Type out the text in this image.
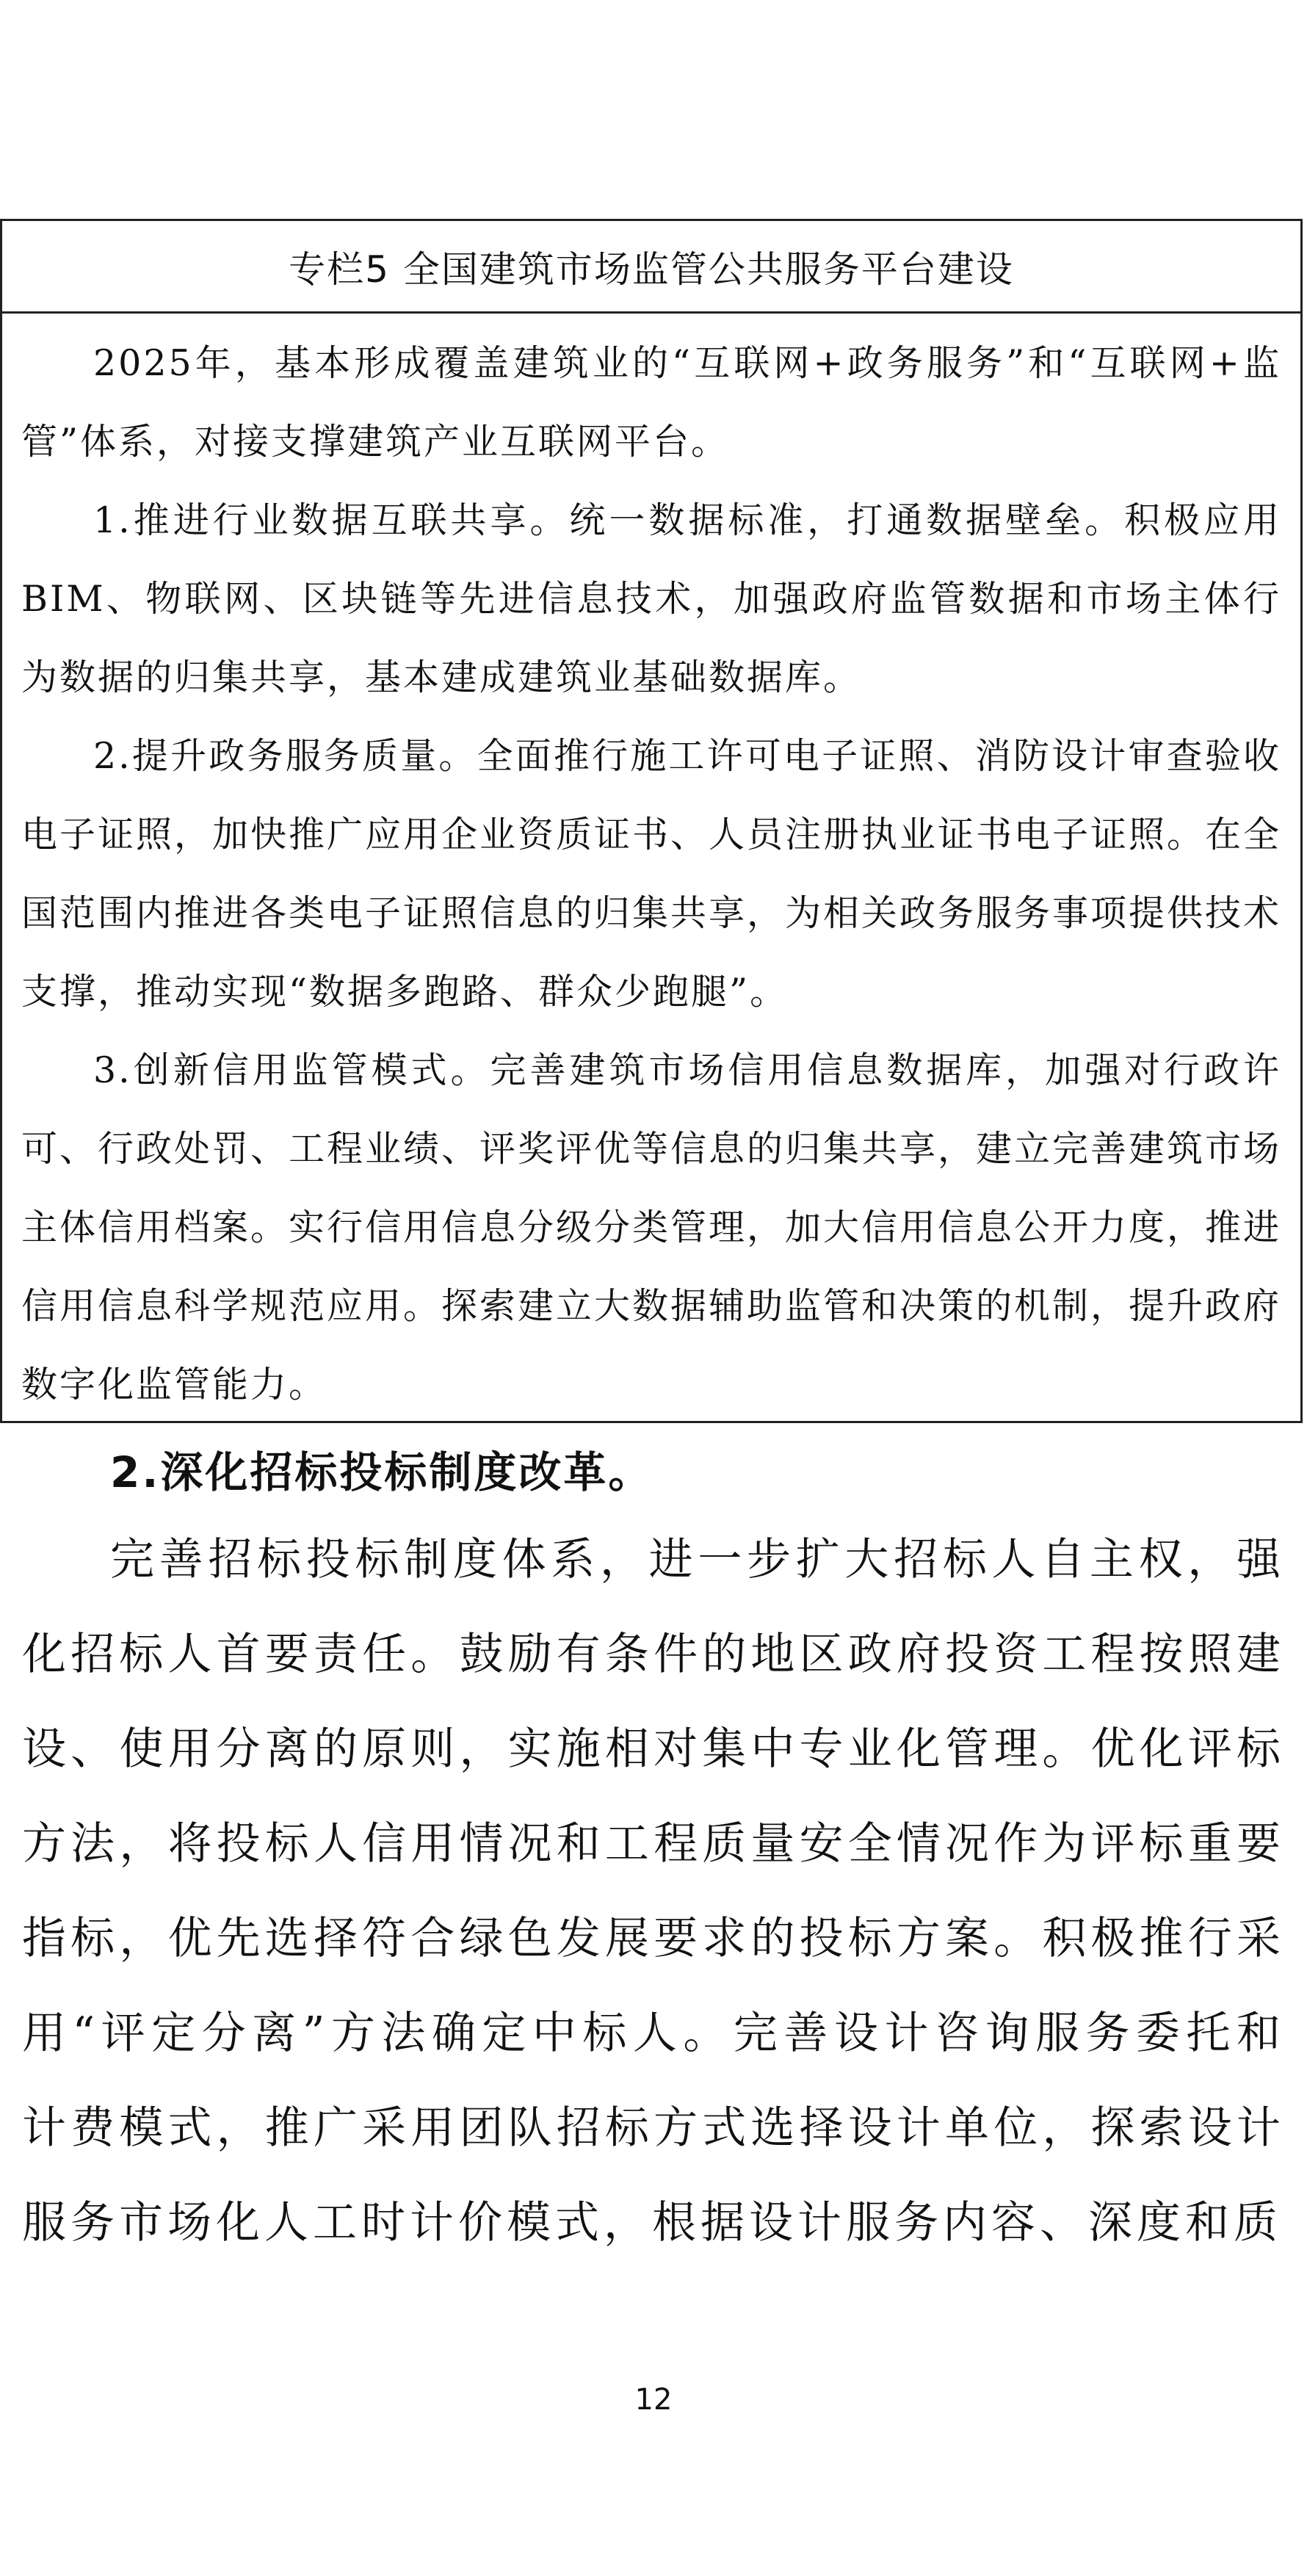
专栏5 全国建筑市场监管公共服务平台建设

2025年，基本形成覆盖建筑业的“互联网+政务服务”和“互联网+监管”体系，对接支撑建筑产业互联网平台。

1.推进行业数据互联共享。统一数据标准，打通数据壁垒。积极应用BIM、物联网、区块链等先进信息技术，加强政府监管数据和市场主体行为数据的归集共享，基本建成建筑业基础数据库。

2.提升政务服务质量。全面推行施工许可电子证照、消防设计审查验收电子证照，加快推广应用企业资质证书、人员注册执业证书电子证照。在全国范围内推进各类电子证照信息的归集共享，为相关政务服务事项提供技术支撑，推动实现“数据多跑路、群众少跑腿”。

3.创新信用监管模式。完善建筑市场信用信息数据库，加强对行政许可、行政处罚、工程业绩、评奖评优等信息的归集共享，建立完善建筑市场主体信用档案。实行信用信息分级分类管理，加大信用信息公开力度，推进信用信息科学规范应用。探索建立大数据辅助监管和决策的机制，提升政府数字化监管能力。

2.深化招标投标制度改革。

完善招标投标制度体系，进一步扩大招标人自主权，强化招标人首要责任。鼓励有条件的地区政府投资工程按照建设、使用分离的原则，实施相对集中专业化管理。优化评标方法，将投标人信用情况和工程质量安全情况作为评标重要指标，优先选择符合绿色发展要求的投标方案。积极推行采用“评定分离”方法确定中标人。完善设计咨询服务委托和计费模式，推广采用团队招标方式选择设计单位，探索设计服务市场化人工时计价模式，根据设计服务内容、深度和质

12
